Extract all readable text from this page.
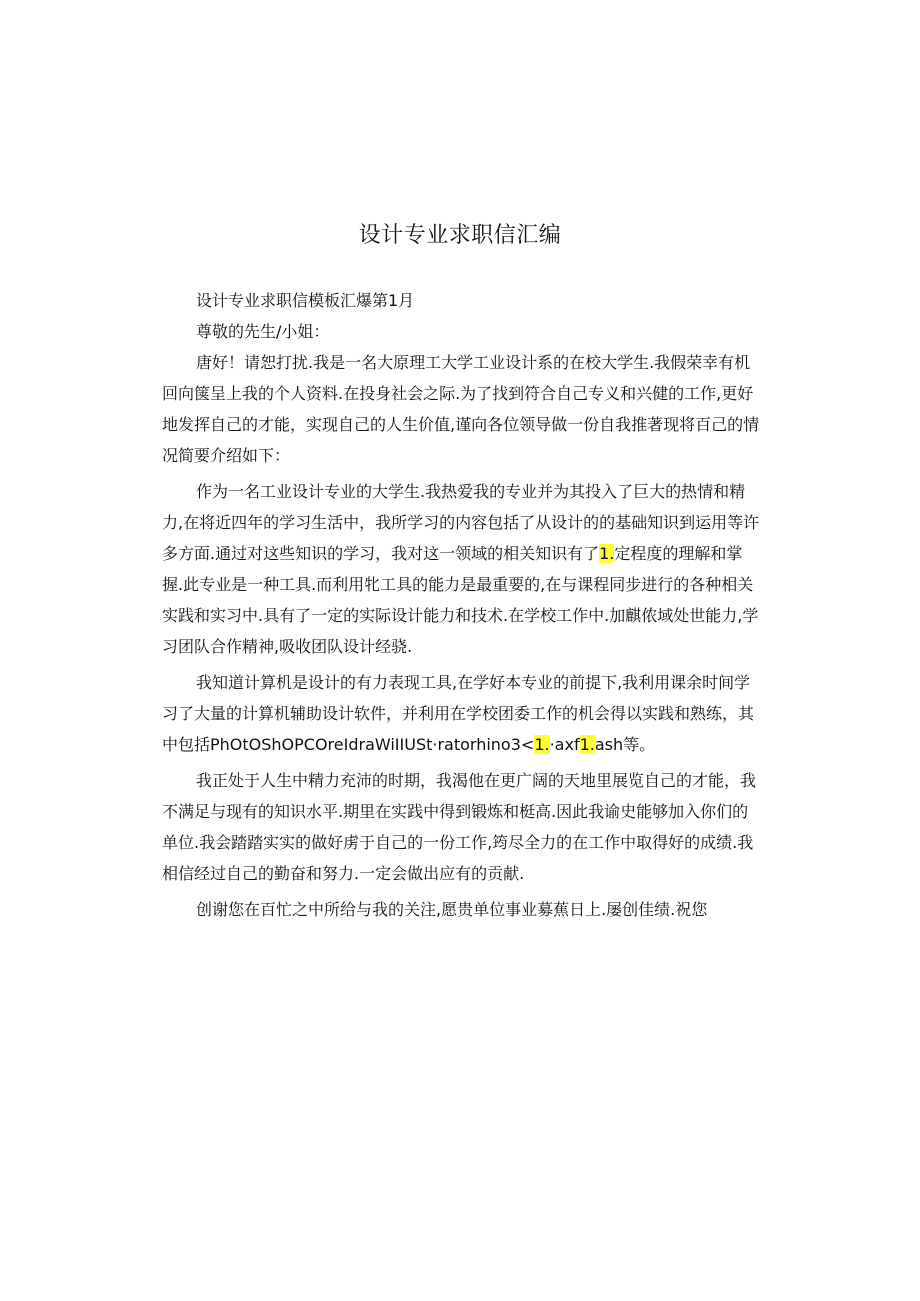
设计专业求职信汇编

设计专业求职信模板汇爆第1月

尊敬的先生/小姐：

唐好！请恕打扰.我是一名大原理工大学工业设计系的在校大学生.我假荣幸有机回向箧呈上我的个人资料.在投身社会之际.为了找到符合自己专义和兴健的工作,更好地发挥自己的才能，实现自己的人生价值,谨向各位领导做一份自我推著现将百己的情况简要介绍如下：

作为一名工业设计专业的大学生.我热爱我的专业并为其投入了巨大的热情和精力,在将近四年的学习生活中，我所学习的内容包括了从设计的的基础知识到运用等许多方面.通过对这些知识的学习，我对这一领域的相关知识有了1.定程度的理解和掌握.此专业是一种工具.而利用牝工具的能力是最重要的,在与课程同步进行的各种相关实践和实习中.具有了一定的实际设计能力和技术.在学校工作中.加麒侬域处世能力,学习团队合作精神,吸收团队设计经骁.

我知道计算机是设计的有力表现工具,在学好本专业的前提下,我利用课余时间学习了大量的计算机辅助设计软件，并利用在学校团委工作的机会得以实践和熟练，其中包括PhOtOShOPCOreIdraWiIIUSt·ratorhino3<1.·axf1.ash等。

我正处于人生中精力充沛的时期，我渴他在更广阔的天地里展览自己的才能，我不满足与现有的知识水平.期里在实践中得到锻炼和梃高.因此我谕史能够加入你们的单位.我会踏踏实实的做好虏于自己的一份工作,筠尽全力的在工作中取得好的成绩.我相信经过自己的勤奋和努力.一定会做出应有的贡献.

创谢您在百忙之中所给与我的关注,愿贵单位事业募蕉日上.屡创佳绩.祝您
